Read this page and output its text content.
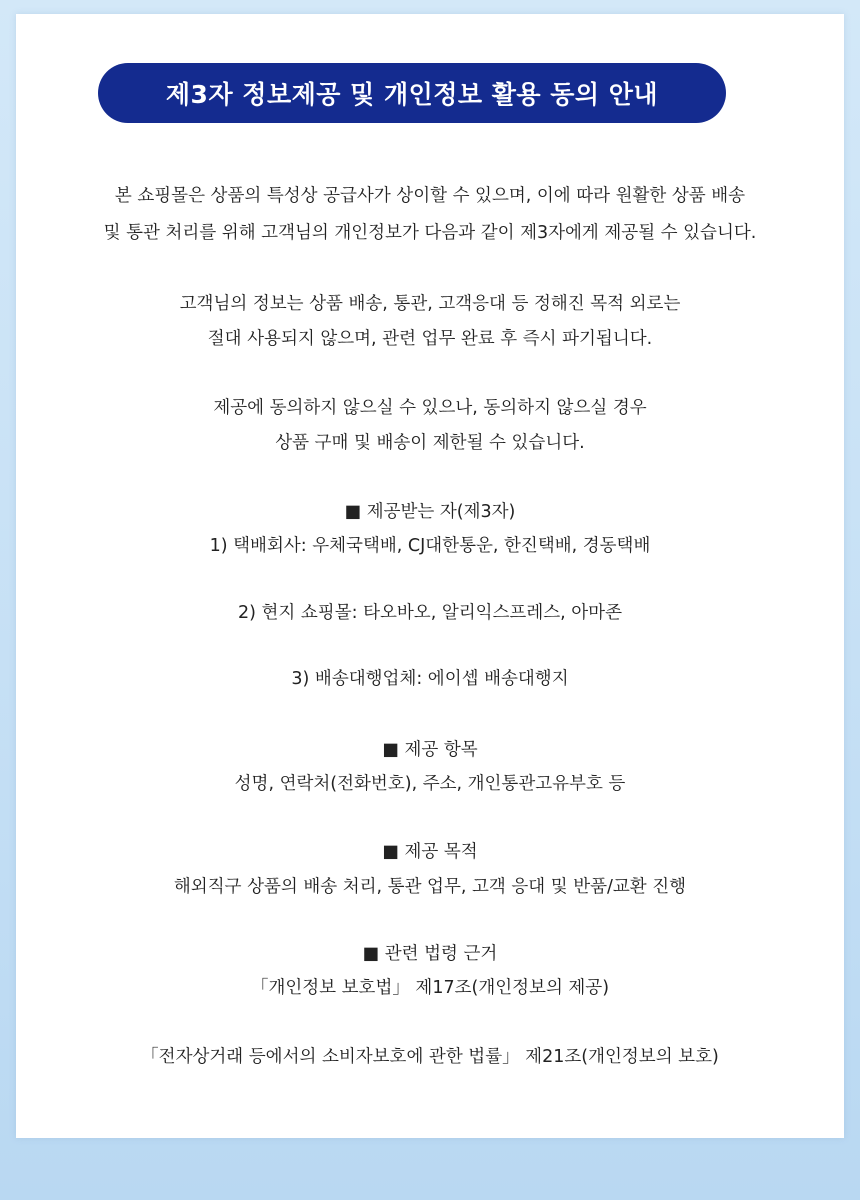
제3자 정보제공 및 개인정보 활용 동의 안내
본 쇼핑몰은 상품의 특성상 공급사가 상이할 수 있으며, 이에 따라 원활한 상품 배송
및 통관 처리를 위해 고객님의 개인정보가 다음과 같이 제3자에게 제공될 수 있습니다.
고객님의 정보는 상품 배송, 통관, 고객응대 등 정해진 목적 외로는
절대 사용되지 않으며, 관련 업무 완료 후 즉시 파기됩니다.
제공에 동의하지 않으실 수 있으나, 동의하지 않으실 경우
상품 구매 및 배송이 제한될 수 있습니다.
■ 제공받는 자(제3자)
1) 택배회사: 우체국택배, CJ대한통운, 한진택배, 경동택배
2) 현지 쇼핑몰: 타오바오, 알리익스프레스, 아마존
3) 배송대행업체: 에이셉 배송대행지
■ 제공 항목
성명, 연락처(전화번호), 주소, 개인통관고유부호 등
■ 제공 목적
해외직구 상품의 배송 처리, 통관 업무, 고객 응대 및 반품/교환 진행
■ 관련 법령 근거
「개인정보 보호법」 제17조(개인정보의 제공)
「전자상거래 등에서의 소비자보호에 관한 법률」 제21조(개인정보의 보호)
